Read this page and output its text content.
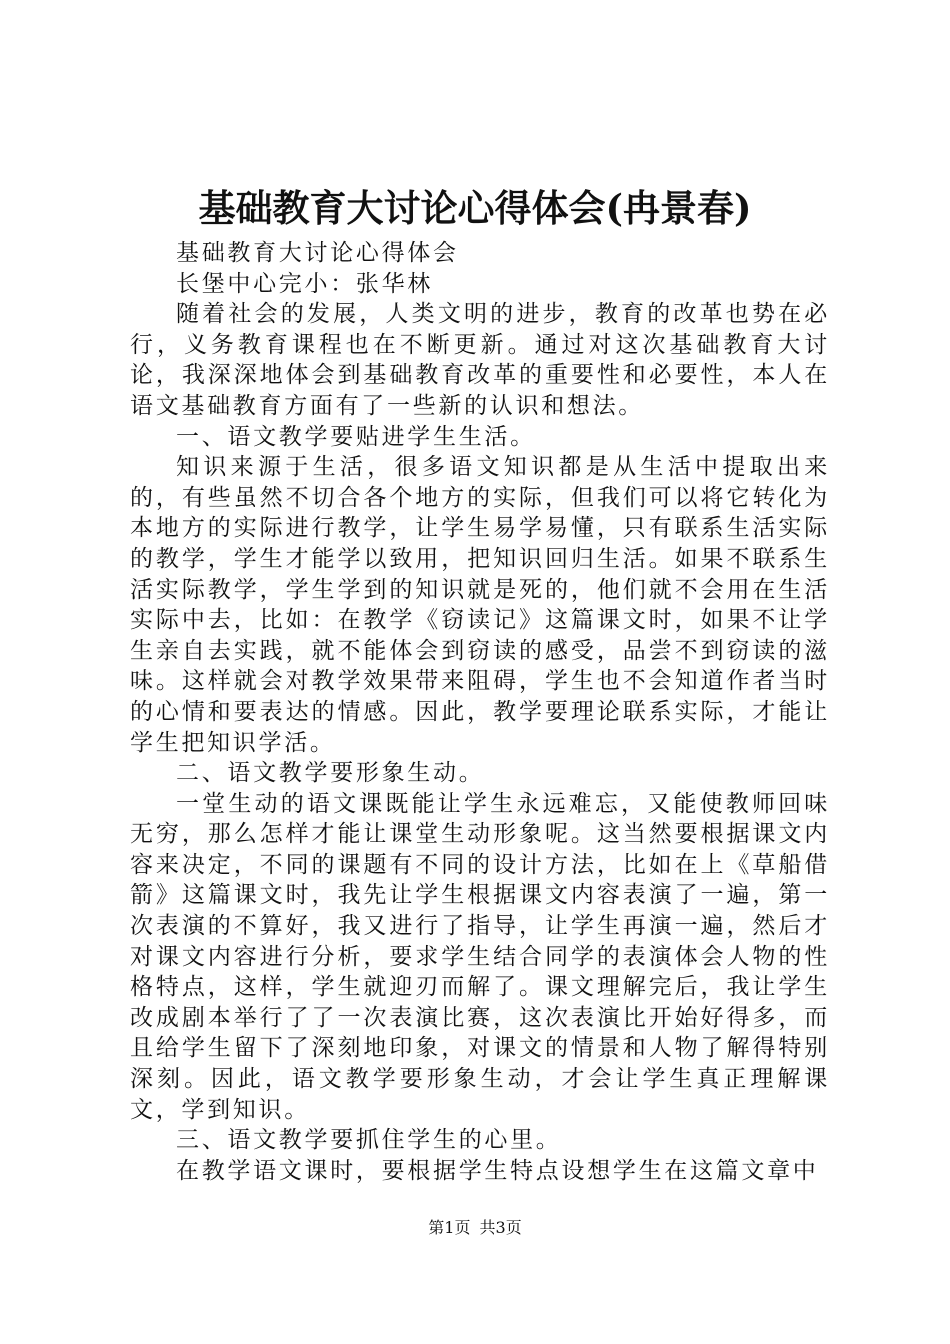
基础教育大讨论心得体会(冉景春)

基础教育大讨论心得体会

长堡中心完小：张华林

随着社会的发展，人类文明的进步，教育的改革也势在必行，义务教育课程也在不断更新。通过对这次基础教育大讨论，我深深地体会到基础教育改革的重要性和必要性，本人在语文基础教育方面有了一些新的认识和想法。

一、语文教学要贴进学生生活。

知识来源于生活，很多语文知识都是从生活中提取出来的，有些虽然不切合各个地方的实际，但我们可以将它转化为本地方的实际进行教学，让学生易学易懂，只有联系生活实际的教学，学生才能学以致用，把知识回归生活。如果不联系生活实际教学，学生学到的知识就是死的，他们就不会用在生活实际中去，比如：在教学《窃读记》这篇课文时，如果不让学生亲自去实践，就不能体会到窃读的感受，品尝不到窃读的滋味。这样就会对教学效果带来阻碍，学生也不会知道作者当时的心情和要表达的情感。因此，教学要理论联系实际，才能让学生把知识学活。

二、语文教学要形象生动。

一堂生动的语文课既能让学生永远难忘，又能使教师回味无穷，那么怎样才能让课堂生动形象呢。这当然要根据课文内容来决定，不同的课题有不同的设计方法，比如在上《草船借箭》这篇课文时，我先让学生根据课文内容表演了一遍，第一次表演的不算好，我又进行了指导，让学生再演一遍，然后才对课文内容进行分析，要求学生结合同学的表演体会人物的性格特点，这样，学生就迎刃而解了。课文理解完后，我让学生改成剧本举行了了一次表演比赛，这次表演比开始好得多，而且给学生留下了深刻地印象，对课文的情景和人物了解得特别深刻。因此，语文教学要形象生动，才会让学生真正理解课文，学到知识。

三、语文教学要抓住学生的心里。

在教学语文课时，要根据学生特点设想学生在这篇文章中

第1页 共3页
